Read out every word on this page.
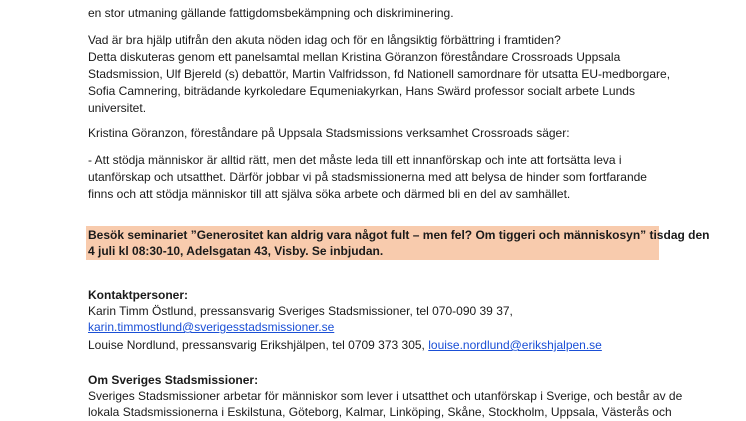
en stor utmaning gällande fattigdomsbekämpning och diskriminering.
Vad är bra hjälp utifrån den akuta nöden idag och för en långsiktig förbättring i framtiden?
Detta diskuteras genom ett panelsamtal mellan Kristina Göranzon föreståndare Crossroads Uppsala
Stadsmission, Ulf Bjereld (s) debattör, Martin Valfridsson, fd Nationell samordnare för utsatta EU-medborgare,
Sofia Camnering, biträdande kyrkoledare Equmeniakyrkan, Hans Swärd professor socialt arbete Lunds
universitet.
Kristina Göranzon, föreståndare på Uppsala Stadsmissions verksamhet Crossroads säger:
- Att stödja människor är alltid rätt, men det måste leda till ett innanförskap och inte att fortsätta leva i
utanförskap och utsatthet. Därför jobbar vi på stadsmissionerna med att belysa de hinder som fortfarande
finns och att stödja människor till att själva söka arbete och därmed bli en del av samhället.
Besök seminariet ”Generositet kan aldrig vara något fult – men fel? Om tiggeri och människosyn” tisdag den
4 juli kl 08:30-10, Adelsgatan 43, Visby. Se inbjudan.
Kontaktpersoner:
Karin Timm Östlund, pressansvarig Sveriges Stadsmissioner, tel 070-090 39 37,
karin.timmostlund@sverigesstadsmissioner.se
Louise Nordlund, pressansvarig Erikshjälpen, tel 0709 373 305, louise.nordlund@erikshjalpen.se
Om Sveriges Stadsmissioner:
Sveriges Stadsmissioner arbetar för människor som lever i utsatthet och utanförskap i Sverige, och består av de
lokala Stadsmissionerna i Eskilstuna, Göteborg, Kalmar, Linköping, Skåne, Stockholm, Uppsala, Västerås och
